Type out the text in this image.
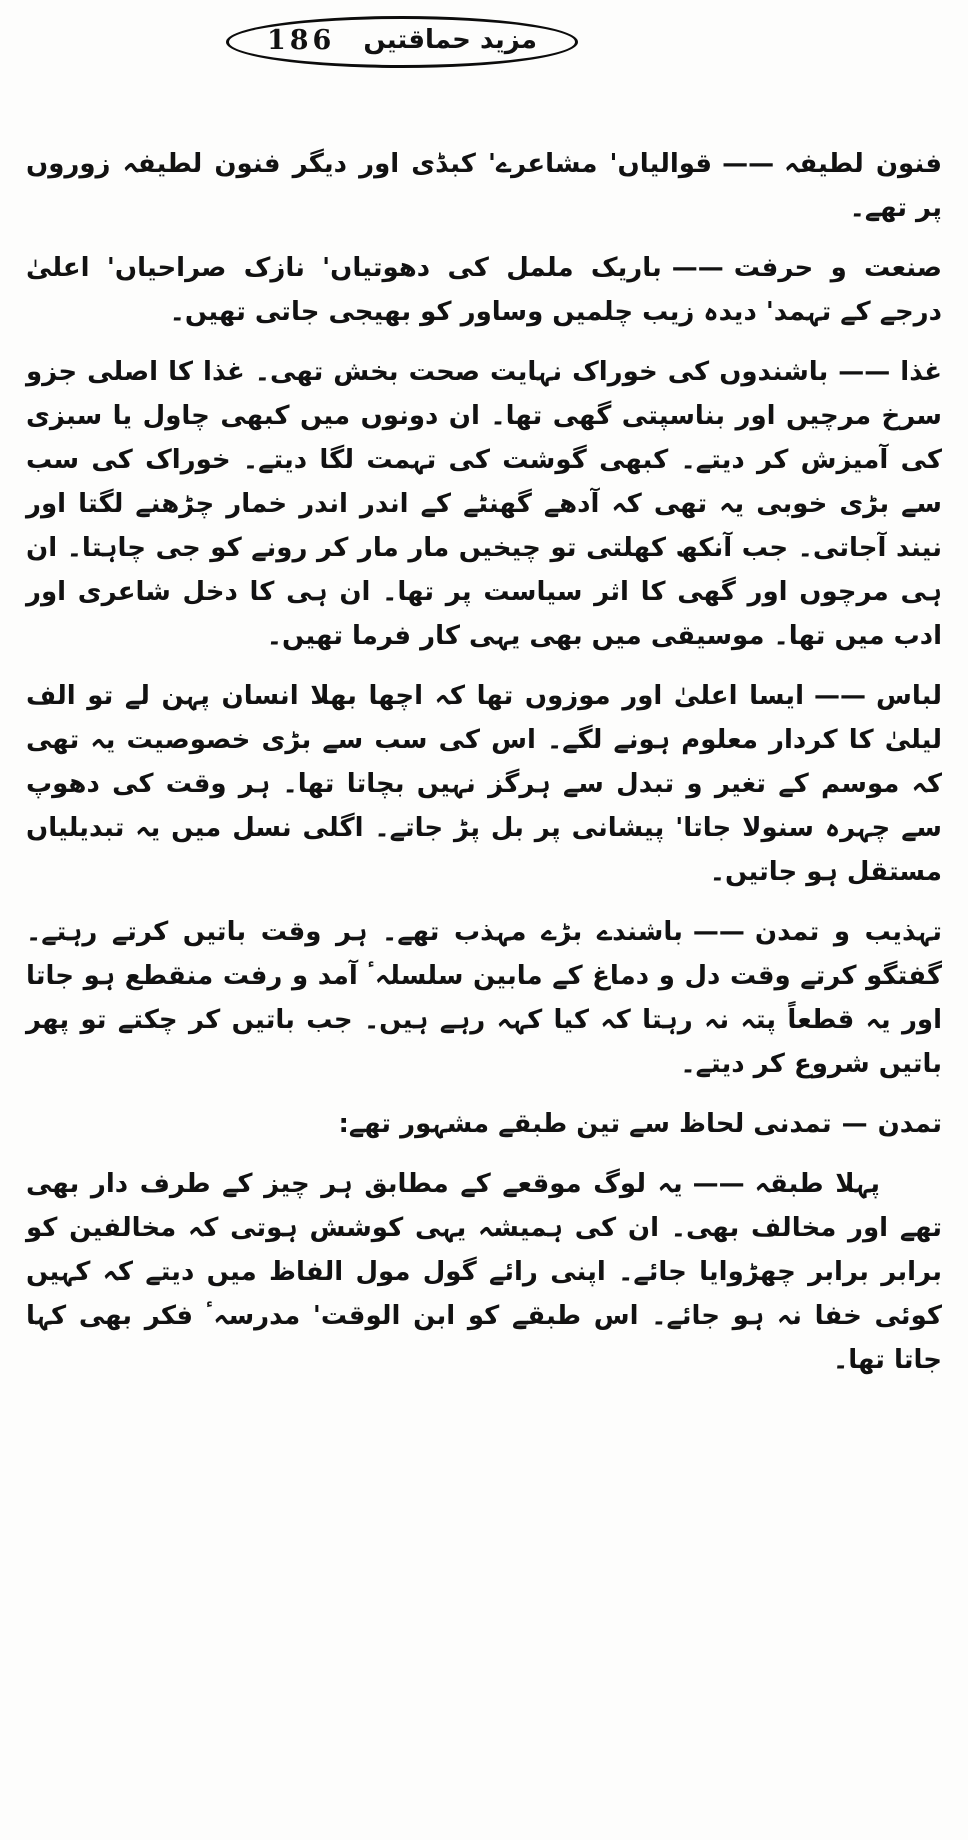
مزید حماقتیں
186
فنون لطیفہ——قوالیاں' مشاعرے' کبڈی اور دیگر فنون لطیفہ زوروں پر تھے۔
صنعت و حرفت——باریک ململ کی دھوتیاں' نازک صراحیاں' اعلیٰ درجے کے تہمد' دیدہ زیب چلمیں وساور کو بھیجی جاتی تھیں۔
غذا——باشندوں کی خوراک نہایت صحت بخش تھی۔ غذا کا اصلی جزو سرخ مرچیں اور بناسپتی گھی تھا۔ ان دونوں میں کبھی چاول یا سبزی کی آمیزش کر دیتے۔ کبھی گوشت کی تہمت لگا دیتے۔ خوراک کی سب سے بڑی خوبی یہ تھی کہ آدھے گھنٹے کے اندر اندر خمار چڑھنے لگتا اور نیند آجاتی۔ جب آنکھ کھلتی تو چیخیں مار مار کر رونے کو جی چاہتا۔ ان ہی مرچوں اور گھی کا اثر سیاست پر تھا۔ ان ہی کا دخل شاعری اور ادب میں تھا۔ موسیقی میں بھی یہی کار فرما تھیں۔
لباس——ایسا اعلیٰ اور موزوں تھا کہ اچھا بھلا انسان پہن لے تو الف لیلیٰ کا کردار معلوم ہونے لگے۔ اس کی سب سے بڑی خصوصیت یہ تھی کہ موسم کے تغیر و تبدل سے ہرگز نہیں بچاتا تھا۔ ہر وقت کی دھوپ سے چہرہ سنولا جاتا' پیشانی پر بل پڑ جاتے۔ اگلی نسل میں یہ تبدیلیاں مستقل ہو جاتیں۔
تہذیب و تمدن——باشندے بڑے مہذب تھے۔ ہر وقت باتیں کرتے رہتے۔ گفتگو کرتے وقت دل و دماغ کے مابین سلسلہٴ آمد و رفت منقطع ہو جاتا اور یہ قطعاً پتہ نہ رہتا کہ کیا کہہ رہے ہیں۔ جب باتیں کر چکتے تو پھر باتیں شروع کر دیتے۔
تمدن—تمدنی لحاظ سے تین طبقے مشہور تھے:
پہلا طبقہ——یہ لوگ موقعے کے مطابق ہر چیز کے طرف دار بھی تھے اور مخالف بھی۔ ان کی ہمیشہ یہی کوشش ہوتی کہ مخالفین کو برابر برابر چھڑوایا جائے۔ اپنی رائے گول مول الفاظ میں دیتے کہ کہیں کوئی خفا نہ ہو جائے۔ اس طبقے کو ابن الوقت' مدرسہٴ فکر بھی کہا جاتا تھا۔
